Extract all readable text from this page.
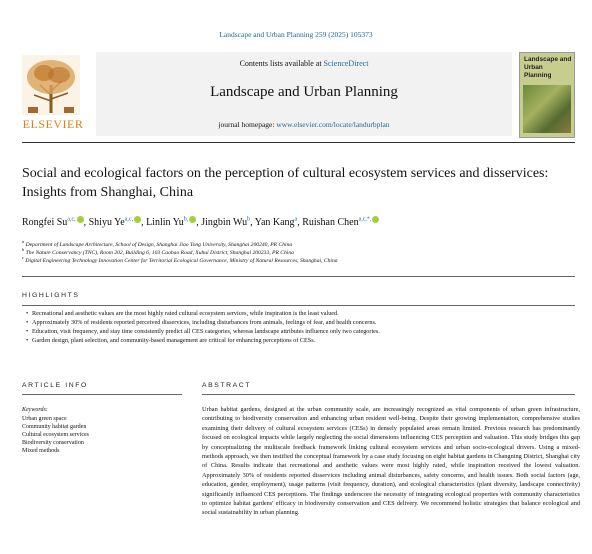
Landscape and Urban Planning 259 (2025) 105373
Contents lists available at ScienceDirect
Landscape and Urban Planning
journal homepage: www.elsevier.com/locate/landurbplan
ELSEVIER
Landscape and Urban Planning
Social and ecological factors on the perception of cultural ecosystem services and disservices: Insights from Shanghai, China
Rongfei $Su^{a,c,}$ , Shiyu $Ye^{a,c,}$ , Linlin $Yu^{b,}$ , Jingbin Wu$^b$, Yan Kang$^a$, Ruishan Chen$^{a,c,*,}$
$^a$ Department of Landscape Architecture, School of Design, Shanghai Jiao Tong University, Shanghai 200240, PR China
$^b$ The Nature Conservancy (TNC), Room 202, Building 6, 103 Caobao Road, Xuhui District, Shanghai 200233, PR China
$^c$ Digital Engineering Technology Innovation Center for Territorial Ecological Governance, Ministry of Natural Resources, Shanghai, China
HIGHLIGHTS
• Recreational and aesthetic values are the most highly rated cultural ecosystem services, while inspiration is the least valued.
• Approximately 30% of residents reported perceived disservices, including disturbances from animals, feelings of fear, and health concerns.
• Education, visit frequency, and stay time consistently predict all CES categories, whereas landscape attributes influence only two categories.
• Garden design, plant selection, and community-based management are critical for enhancing perceptions of CESs.
ARTICLE INFO	ABSTRACT
Keywords:
Urban green space
Community habitat garden
Cultural ecosystem services
Biodiversity conservation
Mixed methods
Urban habitat gardens, designed at the urban community scale, are increasingly recognized as vital components of urban green infrastructure, contributing to biodiversity conservation and enhancing urban resident well-being. Despite their growing implementation, comprehensive studies examining their delivery of cultural ecosystem services (CESs) in densely populated areas remain limited. Previous research has predominantly focused on ecological impacts while largely neglecting the social dimensions influencing CES perception and valuation. This study bridges this gap by conceptualizing the multiscale feedback framework linking cultural ecosystem services and urban socio-ecological drivers. Using a mixed-methods approach, we then testified the conceptual framework by a case study focusing on eight habitat gardens in Changning District, Shanghai city of China. Results indicate that recreational and aesthetic values were most highly rated, while inspiration received the lowest valuation. Approximately 30% of residents reported disservices including animal disturbances, safety concerns, and health issues. Both social factors (age, education, gender, employment), usage patterns (visit frequency, duration), and ecological characteristics (plant diversity, landscape connectivity) significantly influenced CES perceptions. The findings underscore the necessity of integrating ecological properties with community characteristics to optimize habitat gardens' efficacy in biodiversity conservation and CES delivery. We recommend holistic strategies that balance ecological and social sustainability in urban planning.
